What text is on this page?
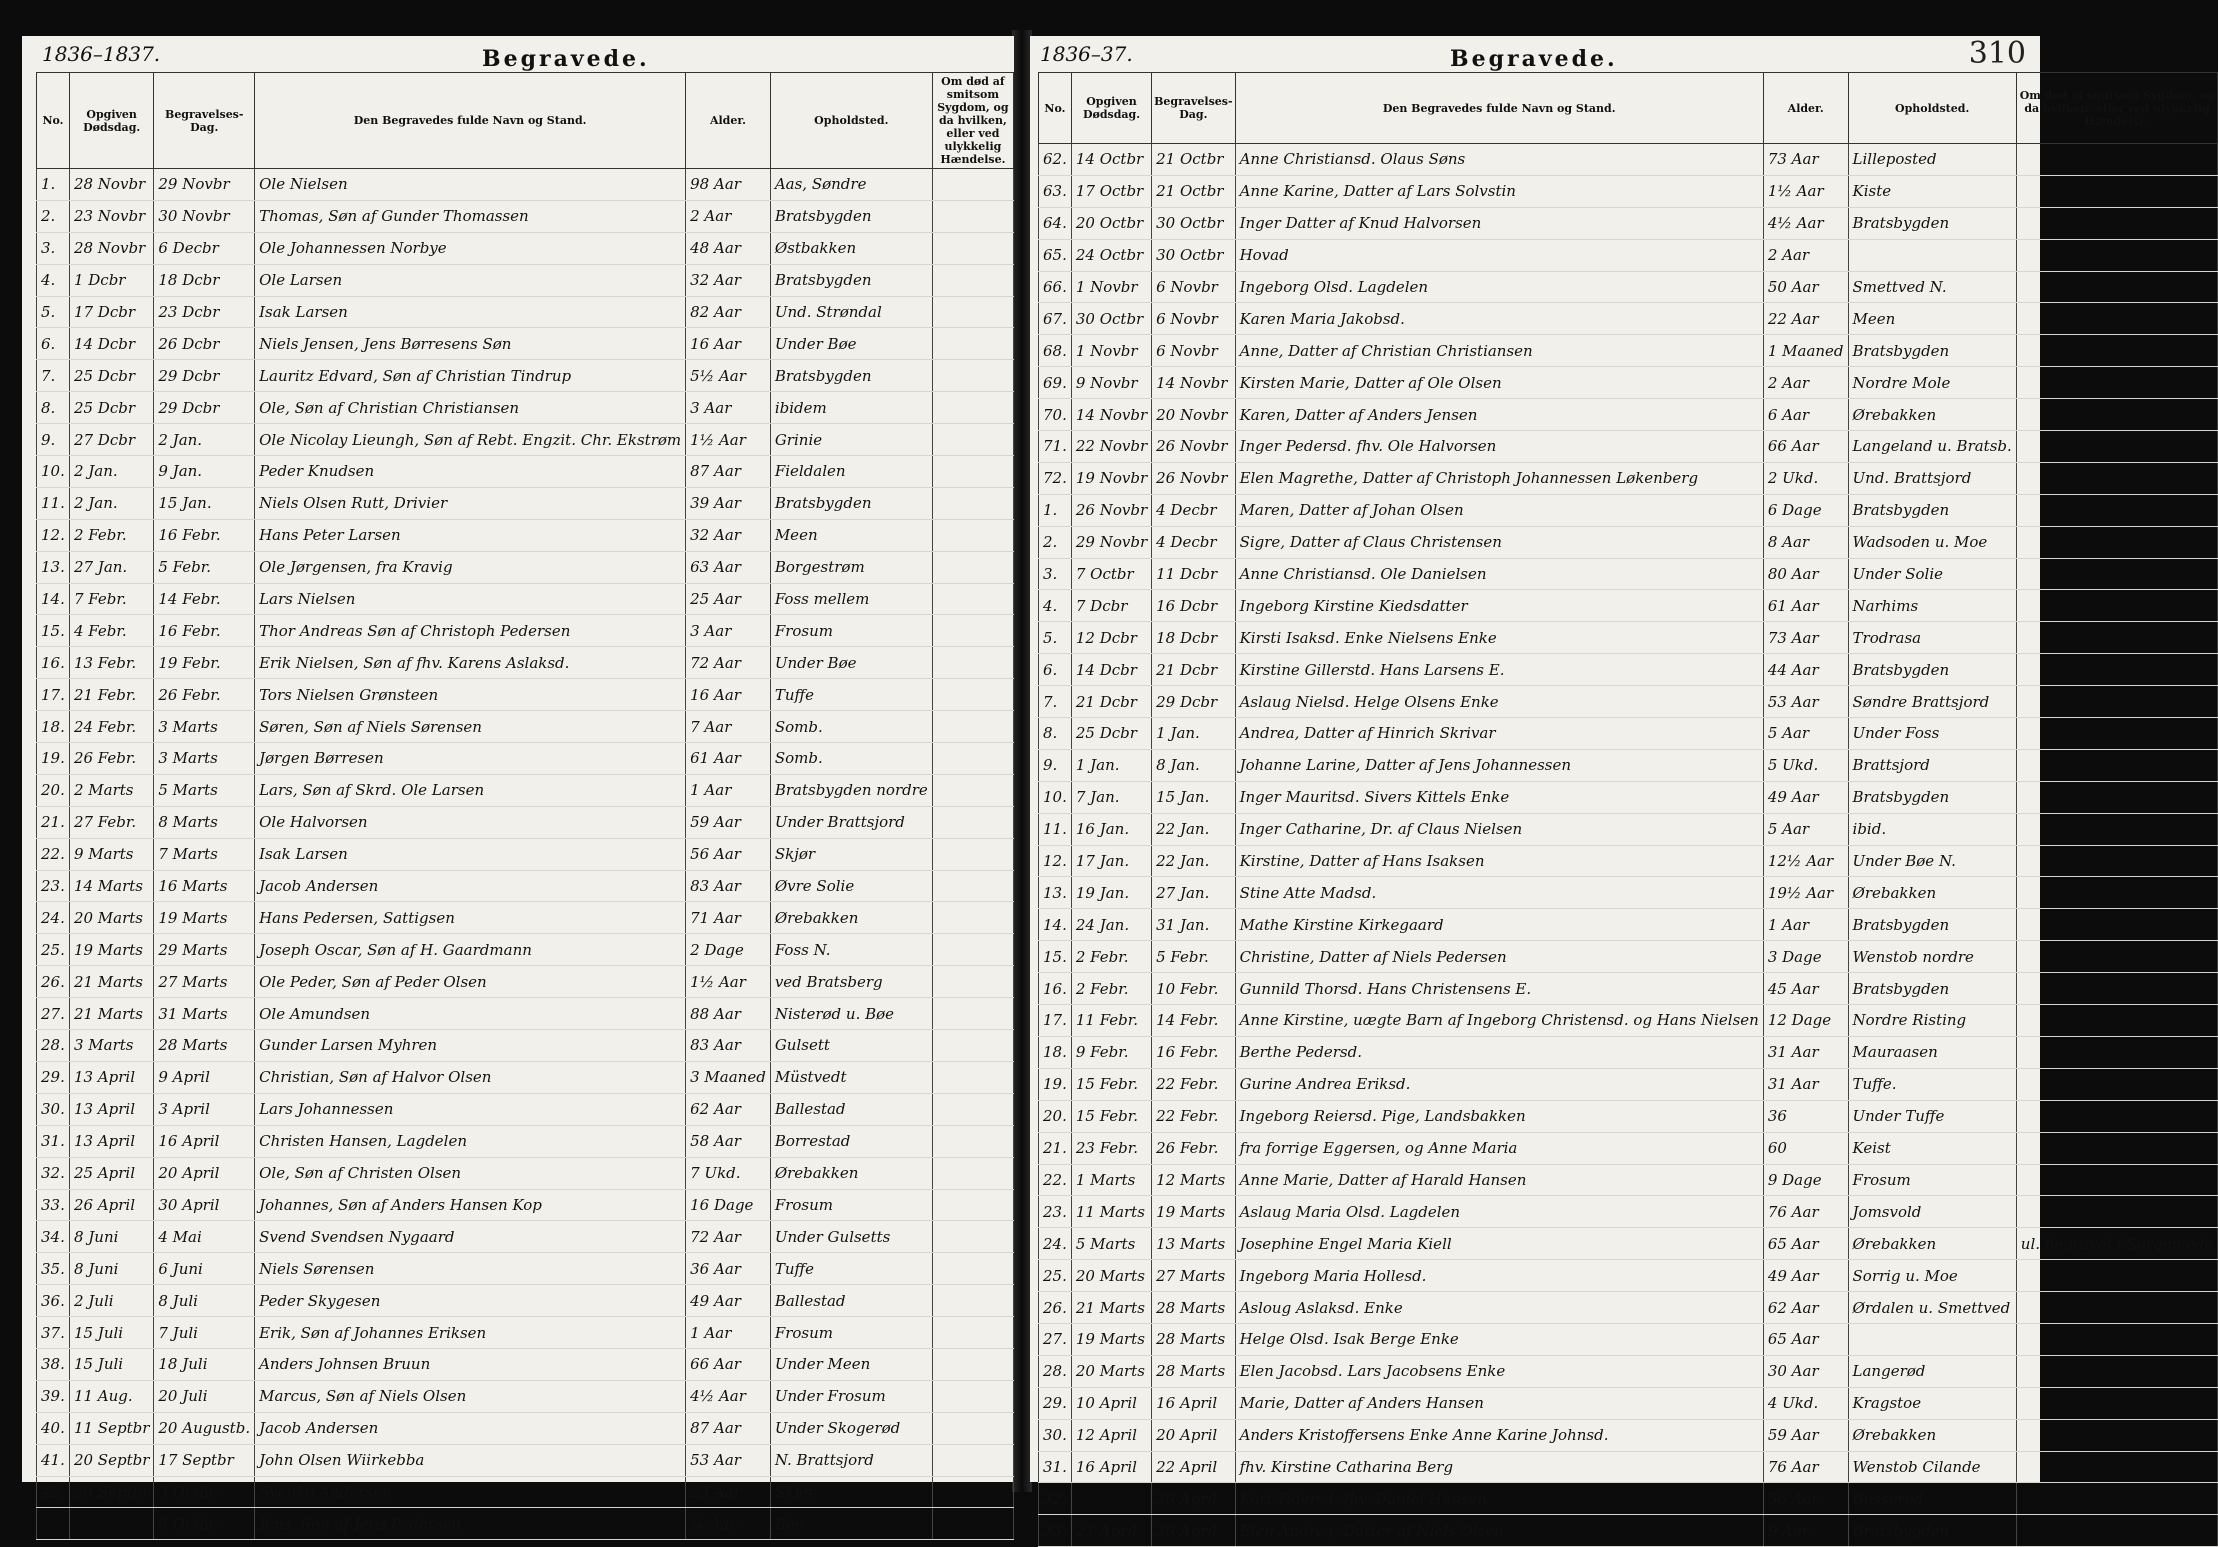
1836–1837.	Begravede.
No.	Opgiven Dødsdag.	Begravelses-Dag.	Den Begravedes fulde Navn og Stand.	Alder.	Opholdsted.	Om død af smitsom Sygdom, og da hvilken, eller ved ulykkelig Hændelse.
1.	28 Novbr	29 Novbr	Ole Nielsen	98 Aar	Aas, Søndre	
2.	23 Novbr	30 Novbr	Thomas, Søn af Gunder Thomassen	2 Aar	Bratsbygden	
3.	28 Novbr	6 Decbr	Ole Johannessen Norbye	48 Aar	Østbakken	
4.	1 Dcbr	18 Dcbr	Ole Larsen	32 Aar	Bratsbygden	
5.	17 Dcbr	23 Dcbr	Isak Larsen	82 Aar	Und. Strøndal	
6.	14 Dcbr	26 Dcbr	Niels Jensen, Jens Børresens Søn	16 Aar	Under Bøe	
7.	25 Dcbr	29 Dcbr	Lauritz Edvard, Søn af Christian Tindrup	5½ Aar	Bratsbygden	
8.	25 Dcbr	29 Dcbr	Ole, Søn af Christian Christiansen	3 Aar	ibidem	
9.	27 Dcbr	2 Jan.	Ole Nicolay Lieungh, Søn af Rebt. Engzit. Chr. Ekstrøm	1½ Aar	Grinie	
10.	2 Jan.	9 Jan.	Peder Knudsen	87 Aar	Fieldalen	
11.	2 Jan.	15 Jan.	Niels Olsen Rutt, Drivier	39 Aar	Bratsbygden	
12.	2 Febr.	16 Febr.	Hans Peter Larsen	32 Aar	Meen	
13.	27 Jan.	5 Febr.	Ole Jørgensen, fra Kravig	63 Aar	Borgestrøm	
14.	7 Febr.	14 Febr.	Lars Nielsen	25 Aar	Foss mellem	
15.	4 Febr.	16 Febr.	Thor Andreas Søn af Christoph Pedersen	3 Aar	Frosum	
16.	13 Febr.	19 Febr.	Erik Nielsen, Søn af fhv. Karens Aslaksd.	72 Aar	Under Bøe	
17.	21 Febr.	26 Febr.	Tors Nielsen Grønsteen	16 Aar	Tuffe	
18.	24 Febr.	3 Marts	Søren, Søn af Niels Sørensen	7 Aar	Somb.	
19.	26 Febr.	3 Marts	Jørgen Børresen	61 Aar	Somb.	
20.	2 Marts	5 Marts	Lars, Søn af Skrd. Ole Larsen	1 Aar	Bratsbygden nordre	
21.	27 Febr.	8 Marts	Ole Halvorsen	59 Aar	Under Brattsjord	
22.	9 Marts	7 Marts	Isak Larsen	56 Aar	Skjør	
23.	14 Marts	16 Marts	Jacob Andersen	83 Aar	Øvre Solie	
24.	20 Marts	19 Marts	Hans Pedersen, Sattigsen	71 Aar	Ørebakken	
25.	19 Marts	29 Marts	Joseph Oscar, Søn af H. Gaardmann	2 Dage	Foss N.	
26.	21 Marts	27 Marts	Ole Peder, Søn af Peder Olsen	1½ Aar	ved Bratsberg	
27.	21 Marts	31 Marts	Ole Amundsen	88 Aar	Nisterød u. Bøe	
28.	3 Marts	28 Marts	Gunder Larsen Myhren	83 Aar	Gulsett	
29.	13 April	9 April	Christian, Søn af Halvor Olsen	3 Maaned	Müstvedt	
30.	13 April	3 April	Lars Johannessen	62 Aar	Ballestad	
31.	13 April	16 April	Christen Hansen, Lagdelen	58 Aar	Borrestad	
32.	25 April	20 April	Ole, Søn af Christen Olsen	7 Ukd.	Ørebakken	
33.	26 April	30 April	Johannes, Søn af Anders Hansen Kop	16 Dage	Frosum	
34.	8 Juni	4 Mai	Svend Svendsen Nygaard	72 Aar	Under Gulsetts	
35.	8 Juni	6 Juni	Niels Sørensen	36 Aar	Tuffe	
36.	2 Juli	8 Juli	Peder Skygesen	49 Aar	Ballestad	
37.	15 Juli	7 Juli	Erik, Søn af Johannes Eriksen	1 Aar	Frosum	
38.	15 Juli	18 Juli	Anders Johnsen Bruun	66 Aar	Under Meen	
39.	11 Aug.	20 Juli	Marcus, Søn af Niels Olsen	4½ Aar	Under Frosum	
40.	11 Septbr	20 Augustb.	Jacob Andersen	87 Aar	Under Skogerød	
41.	20 Septbr	17 Septbr	John Olsen Wiirkebba	53 Aar	N. Brattsjord	
42.	30 Septbr	3 Octbr	Svenke Andersen	23 Aar	Skjør	
		8 Octbr	Jens, Søn af Jens Pedersen	¾ Aar	Bøe	
1836–37.	Begravede.	310
No.	Opgiven Dødsdag.	Begravelses-Dag.	Den Begravedes fulde Navn og Stand.	Alder.	Opholdsted.	Om død af smitsom Sygdom, og da hvilken, eller ved ulykkelig Hændelse.
62.	14 Octbr	21 Octbr	Anne Christiansd. Olaus Søns	73 Aar	Lilleposted	
63.	17 Octbr	21 Octbr	Anne Karine, Datter af Lars Solvstin	1½ Aar	Kiste	
64.	20 Octbr	30 Octbr	Inger Datter af Knud Halvorsen	4½ Aar	Bratsbygden	
65.	24 Octbr	30 Octbr	Hovad	2 Aar		
66.	1 Novbr	6 Novbr	Ingeborg Olsd. Lagdelen	50 Aar	Smettved N.	
67.	30 Octbr	6 Novbr	Karen Maria Jakobsd.	22 Aar	Meen	
68.	1 Novbr	6 Novbr	Anne, Datter af Christian Christiansen	1 Maaned	Bratsbygden	
69.	9 Novbr	14 Novbr	Kirsten Marie, Datter af Ole Olsen	2 Aar	Nordre Mole	
70.	14 Novbr	20 Novbr	Karen, Datter af Anders Jensen	6 Aar	Ørebakken	
71.	22 Novbr	26 Novbr	Inger Pedersd. fhv. Ole Halvorsen	66 Aar	Langeland u. Bratsb.	
72.	19 Novbr	26 Novbr	Elen Magrethe, Datter af Christoph Johannessen Løkenberg	2 Ukd.	Und. Brattsjord	
1.	26 Novbr	4 Decbr	Maren, Datter af Johan Olsen	6 Dage	Bratsbygden	
2.	29 Novbr	4 Decbr	Sigre, Datter af Claus Christensen	8 Aar	Wadsoden u. Moe	
3.	7 Octbr	11 Dcbr	Anne Christiansd. Ole Danielsen	80 Aar	Under Solie	
4.	7 Dcbr	16 Dcbr	Ingeborg Kirstine Kiedsdatter	61 Aar	Narhims	
5.	12 Dcbr	18 Dcbr	Kirsti Isaksd. Enke Nielsens Enke	73 Aar	Trodrasa	
6.	14 Dcbr	21 Dcbr	Kirstine Gillerstd. Hans Larsens E.	44 Aar	Bratsbygden	
7.	21 Dcbr	29 Dcbr	Aslaug Nielsd. Helge Olsens Enke	53 Aar	Søndre Brattsjord	
8.	25 Dcbr	1 Jan.	Andrea, Datter af Hinrich Skrivar	5 Aar	Under Foss	
9.	1 Jan.	8 Jan.	Johanne Larine, Datter af Jens Johannessen	5 Ukd.	Brattsjord	
10.	7 Jan.	15 Jan.	Inger Mauritsd. Sivers Kittels Enke	49 Aar	Bratsbygden	
11.	16 Jan.	22 Jan.	Inger Catharine, Dr. af Claus Nielsen	5 Aar	ibid.	
12.	17 Jan.	22 Jan.	Kirstine, Datter af Hans Isaksen	12½ Aar	Under Bøe N.	
13.	19 Jan.	27 Jan.	Stine Atte Madsd.	19½ Aar	Ørebakken	
14.	24 Jan.	31 Jan.	Mathe Kirstine Kirkegaard	1 Aar	Bratsbygden	
15.	2 Febr.	5 Febr.	Christine, Datter af Niels Pedersen	3 Dage	Wenstob nordre	
16.	2 Febr.	10 Febr.	Gunnild Thorsd. Hans Christensens E.	45 Aar	Bratsbygden	
17.	11 Febr.	14 Febr.	Anne Kirstine, uægte Barn af Ingeborg Christensd. og Hans Nielsen	12 Dage	Nordre Risting	
18.	9 Febr.	16 Febr.	Berthe Pedersd.	31 Aar	Mauraasen	
19.	15 Febr.	22 Febr.	Gurine Andrea Eriksd.	31 Aar	Tuffe.	
20.	15 Febr.	22 Febr.	Ingeborg Reiersd. Pige, Landsbakken	36	Under Tuffe	
21.	23 Febr.	26 Febr.	fra forrige Eggersen, og Anne Maria	60	Keist	
22.	1 Marts	12 Marts	Anne Marie, Datter af Harald Hansen	9 Dage	Frosum	
23.	11 Marts	19 Marts	Aslaug Maria Olsd. Lagdelen	76 Aar	Jomsvold	
24.	5 Marts	13 Marts	Josephine Engel Maria Kiell	65 Aar	Ørebakken	ul. begravet i Sørgemøde
25.	20 Marts	27 Marts	Ingeborg Maria Hollesd.	49 Aar	Sorrig u. Moe	
26.	21 Marts	28 Marts	Asloug Aslaksd. Enke	62 Aar	Ørdalen u. Smettved	
27.	19 Marts	28 Marts	Helge Olsd. Isak Berge Enke	65 Aar		
28.	20 Marts	28 Marts	Elen Jacobsd. Lars Jacobsens Enke	30 Aar	Langerød	
29.	10 April	16 April	Marie, Datter af Anders Hansen	4 Ukd.	Kragstoe	
30.	12 April	20 April	Anders Kristoffersens Enke Anne Karine Johnsd.	59 Aar	Ørebakken	
31.	16 April	22 April	fhv. Kirstine Catharina Berg	76 Aar	Wenstob Cilande	
32.		30 April	Kari Tidersd. fhv. Daniel Hansen	56 Aar	Busserød	
33.	21 April	30 April	Elen Andrea, Datter af Niels Olsen	9 Aar	Bratsbygden	
